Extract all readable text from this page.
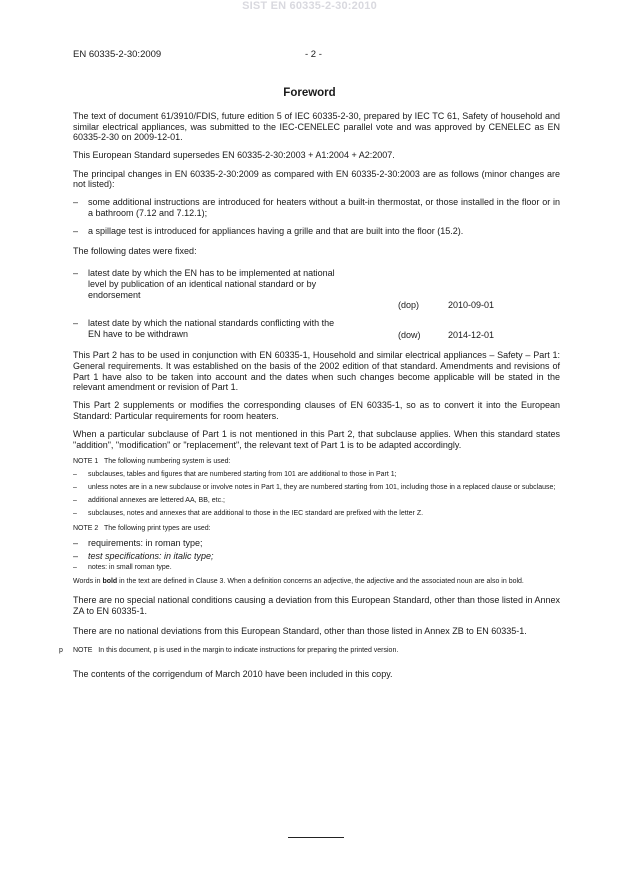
SIST EN 60335-2-30:2010
EN 60335-2-30:2009	- 2 -
Foreword

The text of document 61/3910/FDIS, future edition 5 of IEC 60335-2-30, prepared by IEC TC 61, Safety of household and similar electrical appliances, was submitted to the IEC-CENELEC parallel vote and was approved by CENELEC as EN 60335-2-30 on 2009-12-01.

This European Standard supersedes EN 60335-2-30:2003 + A1:2004 + A2:2007.

The principal changes in EN 60335-2-30:2009 as compared with EN 60335-2-30:2003 are as follows (minor changes are not listed):

– some additional instructions are introduced for heaters without a built-in thermostat, or those installed in the floor or in a bathroom (7.12 and 7.12.1);
– a spillage test is introduced for appliances having a grille and that are built into the floor (15.2).

The following dates were fixed:

– latest date by which the EN has to be implemented at national level by publication of an identical national standard or by endorsement
(dop)	2010-09-01
– latest date by which the national standards conflicting with the EN have to be withdrawn	(dow)	2014-12-01

This Part 2 has to be used in conjunction with EN 60335-1, Household and similar electrical appliances – Safety – Part 1: General requirements. It was established on the basis of the 2002 edition of that standard. Amendments and revisions of Part 1 have also to be taken into account and the dates when such changes become applicable will be stated in the relevant amendment or revision of Part 1.

This Part 2 supplements or modifies the corresponding clauses of EN 60335-1, so as to convert it into the European Standard: Particular requirements for room heaters.

When a particular subclause of Part 1 is not mentioned in this Part 2, that subclause applies. When this standard states "addition", "modification" or "replacement", the relevant text of Part 1 is to be adapted accordingly.

NOTE 1 The following numbering system is used:
– subclauses, tables and figures that are numbered starting from 101 are additional to those in Part 1;
– unless notes are in a new subclause or involve notes in Part 1, they are numbered starting from 101, including those in a replaced clause or subclause;
– additional annexes are lettered AA, BB, etc.;
– subclauses, notes and annexes that are additional to those in the IEC standard are prefixed with the letter Z.
NOTE 2 The following print types are used:
– requirements: in roman type;
– test specifications: in italic type;
– notes: in small roman type.
Words in bold in the text are defined in Clause 3. When a definition concerns an adjective, the adjective and the associated noun are also in bold.

There are no special national conditions causing a deviation from this European Standard, other than those listed in Annex ZA to EN 60335-1.

There are no national deviations from this European Standard, other than those listed in Annex ZB to EN 60335-1.

p NOTE In this document, p is used in the margin to indicate instructions for preparing the printed version.

The contents of the corrigendum of March 2010 have been included in this copy.
